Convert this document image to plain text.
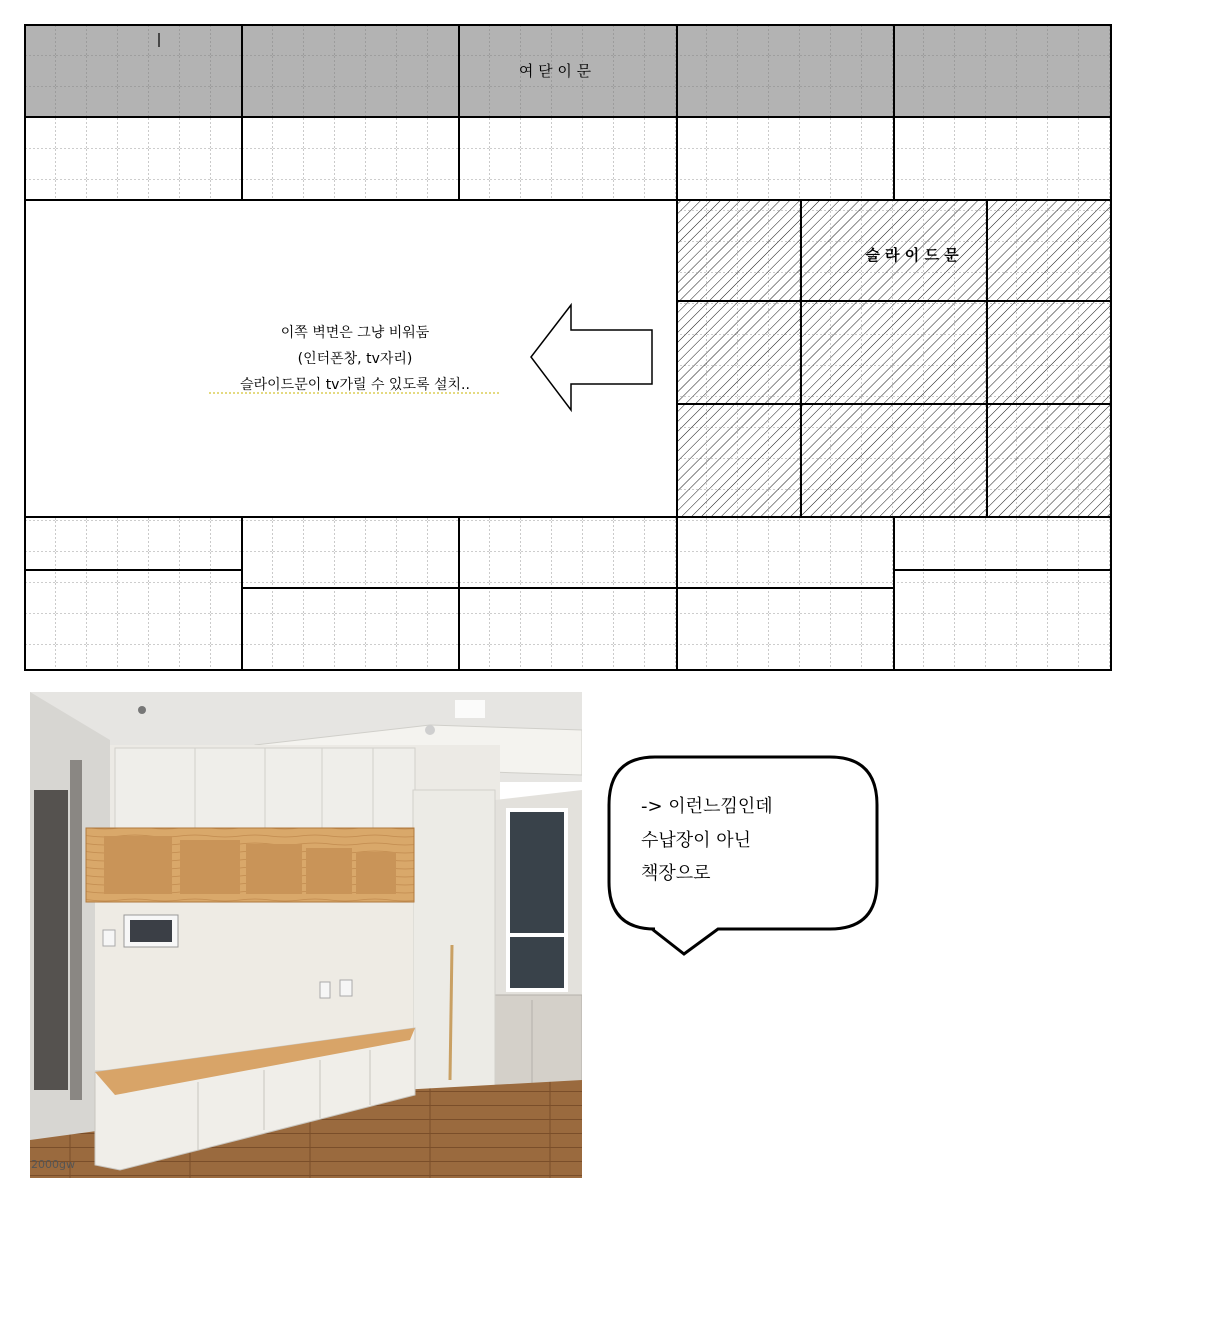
여 닫 이 문
슬 라 이 드 문
이쪽 벽면은 그냥 비워둠
(인터폰창, tv자리)
슬라이드문이 tv가릴 수 있도록 설치..
2000gw
-> 이런느낌인데
수납장이 아닌
책장으로
